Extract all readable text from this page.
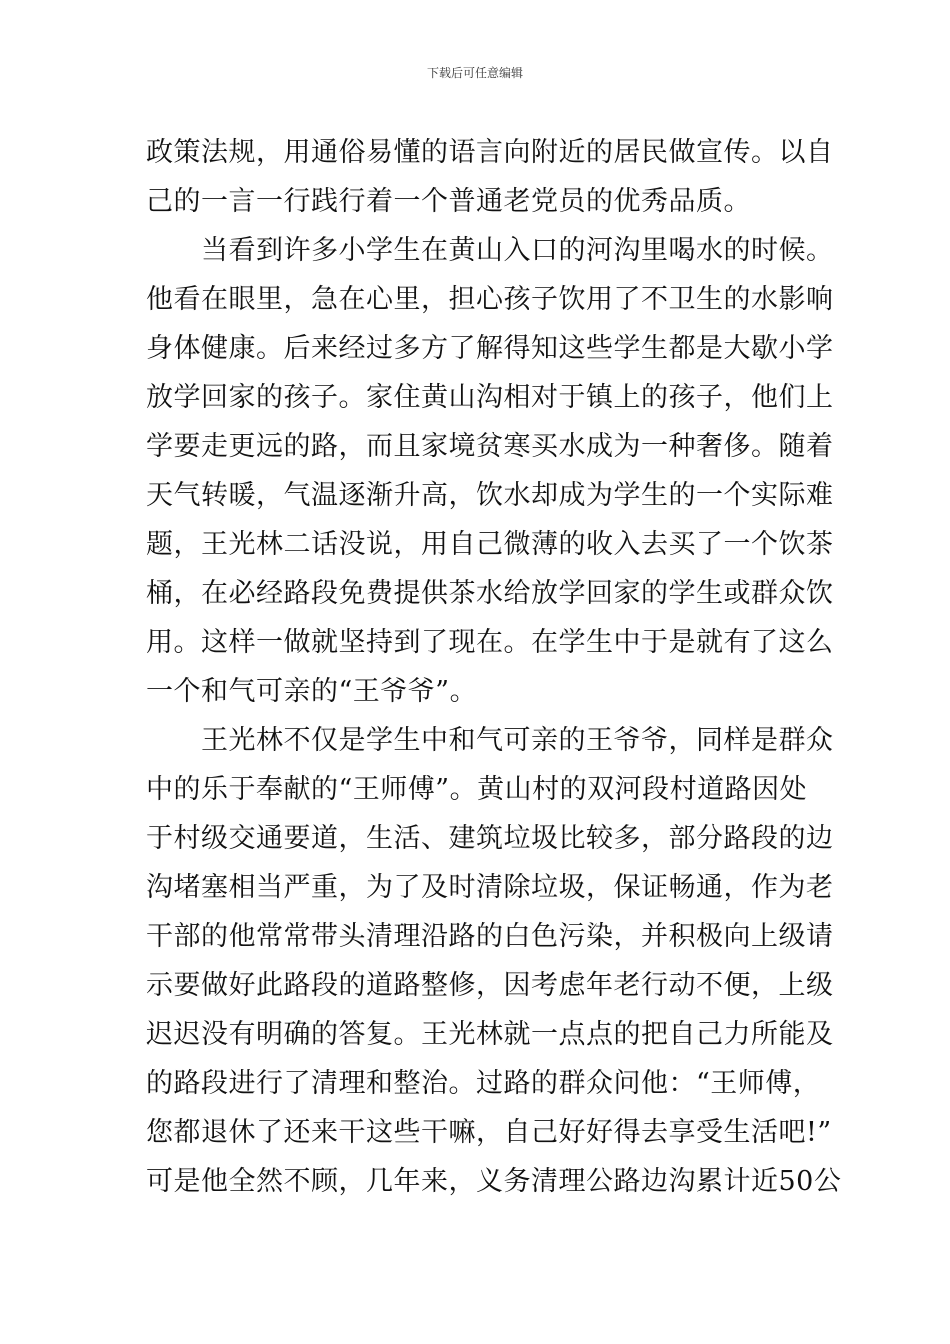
下载后可任意编辑
政策法规，用通俗易懂的语言向附近的居民做宣传。以自
己的一言一行践行着一个普通老党员的优秀品质。
　　当看到许多小学生在黄山入口的河沟里喝水的时候。
他看在眼里，急在心里，担心孩子饮用了不卫生的水影响
身体健康。后来经过多方了解得知这些学生都是大歇小学
放学回家的孩子。家住黄山沟相对于镇上的孩子，他们上
学要走更远的路，而且家境贫寒买水成为一种奢侈。随着
天气转暖，气温逐渐升高，饮水却成为学生的一个实际难
题，王光林二话没说，用自己微薄的收入去买了一个饮茶
桶，在必经路段免费提供茶水给放学回家的学生或群众饮
用。这样一做就坚持到了现在。在学生中于是就有了这么
一个和气可亲的“王爷爷”。
　　王光林不仅是学生中和气可亲的王爷爷，同样是群众
中的乐于奉献的“王师傅”。黄山村的双河段村道路因处
于村级交通要道，生活、建筑垃圾比较多，部分路段的边
沟堵塞相当严重，为了及时清除垃圾，保证畅通，作为老
干部的他常常带头清理沿路的白色污染，并积极向上级请
示要做好此路段的道路整修，因考虑年老行动不便，上级
迟迟没有明确的答复。王光林就一点点的把自己力所能及
的路段进行了清理和整治。过路的群众问他：“王师傅，
您都退休了还来干这些干嘛，自己好好得去享受生活吧!”
可是他全然不顾，几年来，义务清理公路边沟累计近50公
